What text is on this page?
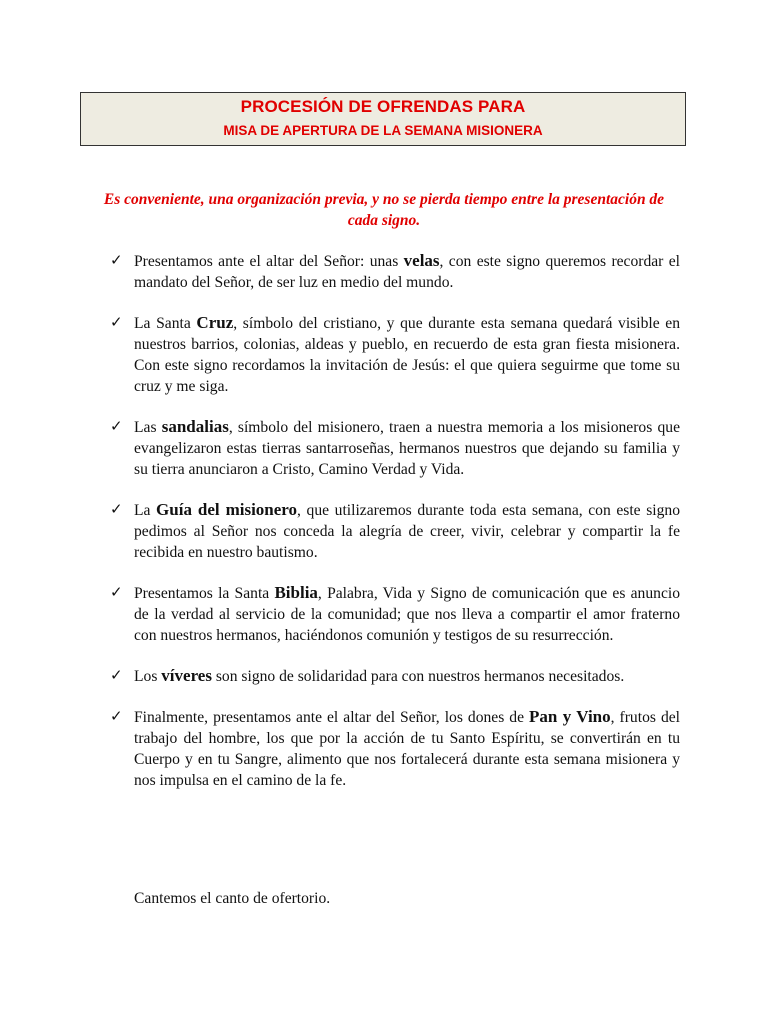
PROCESIÓN DE OFRENDAS PARA
MISA DE APERTURA DE LA SEMANA MISIONERA
Es conveniente, una organización previa, y no se pierda tiempo entre la presentación de cada signo.
✓ Presentamos ante el altar del Señor: unas velas, con este signo queremos recordar el mandato del Señor, de ser luz en medio del mundo.
✓ La Santa Cruz, símbolo del cristiano, y que durante esta semana quedará visible en nuestros barrios, colonias, aldeas y pueblo, en recuerdo de esta gran fiesta misionera. Con este signo recordamos la invitación de Jesús: el que quiera seguirme que tome su cruz y me siga.
✓ Las sandalias, símbolo del misionero, traen a nuestra memoria a los misioneros que evangelizaron estas tierras santarroseñas, hermanos nuestros que dejando su familia y su tierra anunciaron a Cristo, Camino Verdad y Vida.
✓ La Guía del misionero, que utilizaremos durante toda esta semana, con este signo pedimos al Señor nos conceda la alegría de creer, vivir, celebrar y compartir la fe recibida en nuestro bautismo.
✓ Presentamos la Santa Biblia, Palabra, Vida y Signo de comunicación que es anuncio de la verdad al servicio de la comunidad; que nos lleva a compartir el amor fraterno con nuestros hermanos, haciéndonos comunión y testigos de su resurrección.
✓ Los víveres son signo de solidaridad para con nuestros hermanos necesitados.
✓ Finalmente, presentamos ante el altar del Señor, los dones de Pan y Vino, frutos del trabajo del hombre, los que por la acción de tu Santo Espíritu, se convertirán en tu Cuerpo y en tu Sangre, alimento que nos fortalecerá durante esta semana misionera y nos impulsa en el camino de la fe.
Cantemos el canto de ofertorio.
